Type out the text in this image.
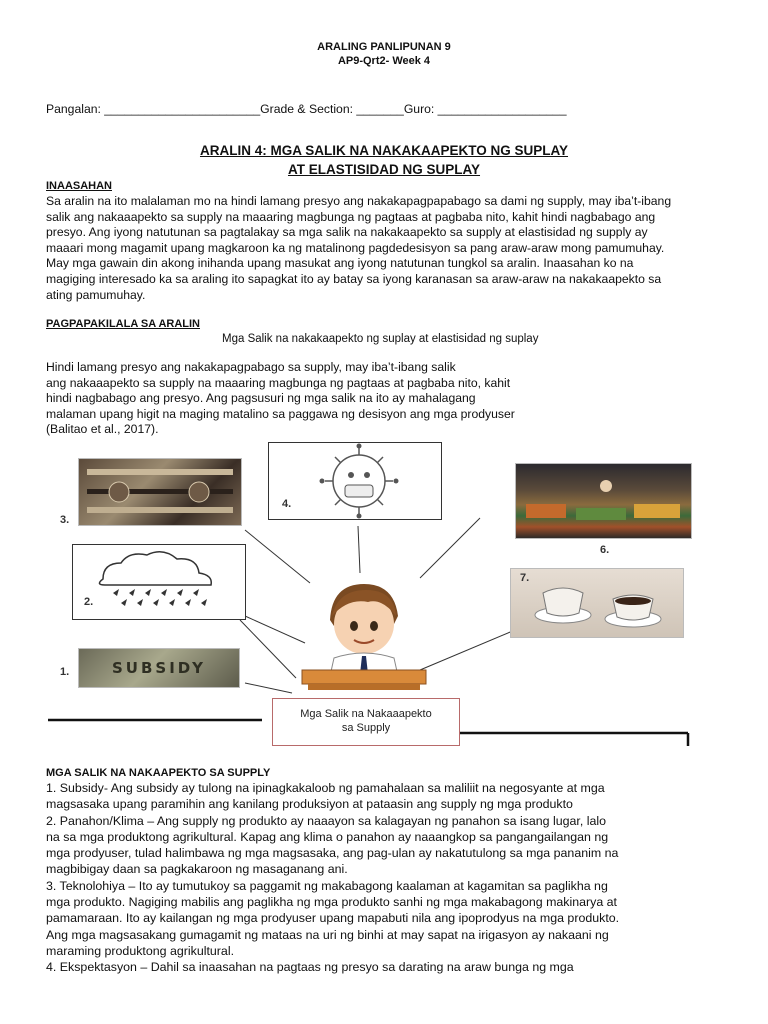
ARALING PANLIPUNAN 9
AP9-Qrt2- Week 4
Pangalan: _______________________Grade & Section: _______Guro: ___________________
ARALIN 4: MGA SALIK NA NAKAKAAPEKTO NG SUPLAY
AT ELASTISIDAD NG SUPLAY
INAASAHAN
Sa aralin na ito malalaman mo na hindi lamang presyo ang nakakapagpapabago sa dami ng supply, may iba’t-ibang
salik ang nakaaapekto sa supply na maaaring magbunga ng pagtaas at pagbaba nito, kahit hindi nagbabago ang
presyo. Ang iyong natutunan sa pagtalakay sa mga salik na nakakaapekto sa supply at elastisidad ng supply ay
maaari mong magamit upang magkaroon ka ng matalinong pagdedesisyon sa pang araw-araw mong pamumuhay.
May mga gawain din akong inihanda upang masukat ang iyong natutunan tungkol sa aralin. Inaasahan ko na
magiging interesado ka sa araling ito sapagkat ito ay batay sa iyong karanasan sa araw-araw na nakakaapekto sa
ating pamumuhay.
PAGPAPAKILALA SA ARALIN
Mga Salik na nakakaapekto ng suplay at elastisidad ng suplay
Hindi lamang presyo ang nakakapagpabago sa supply, may iba’t-ibang salik
ang nakaaapekto sa supply na maaaring magbunga ng pagtaas at pagbaba nito, kahit
hindi nagbabago ang presyo. Ang pagsusuri ng mga salik na ito ay mahalagang
malaman upang higit na maging matalino sa paggawa ng desisyon ang mga prodyuser
(Balitao et al., 2017).
3.
4.
6.
2.
7.
SUBSIDY
1.
Mga Salik na Nakaaapekto
sa Supply
MGA SALIK NA NAKAAPEKTO SA SUPPLY
1. Subsidy- Ang subsidy ay tulong na ipinagkakaloob ng pamahalaan sa maliliit na negosyante at mga
magsasaka upang paramihin ang kanilang produksiyon at pataasin ang supply ng mga produkto
2. Panahon/Klima – Ang supply ng produkto ay naaayon sa kalagayan ng panahon sa isang lugar, lalo
na sa mga produktong agrikultural. Kapag ang klima o panahon ay naaangkop sa pangangailangan ng
mga prodyuser, tulad halimbawa ng mga magsasaka, ang pag-ulan ay nakatutulong sa mga pananim na
magbibigay daan sa pagkakaroon ng masaganang ani.
3. Teknolohiya – Ito ay tumutukoy sa paggamit ng makabagong kaalaman at kagamitan sa paglikha ng
mga produkto. Nagiging mabilis ang paglikha ng mga produkto sanhi ng mga makabagong makinarya at
pamamaraan. Ito ay kailangan ng mga prodyuser upang mapabuti nila ang ipoprodyus na mga produkto.
Ang mga magsasakang gumagamit ng mataas na uri ng binhi at may sapat na irigasyon ay nakaani ng
maraming produktong agrikultural.
4. Ekspektasyon – Dahil sa inaasahan na pagtaas ng presyo sa darating na araw bunga ng mga
